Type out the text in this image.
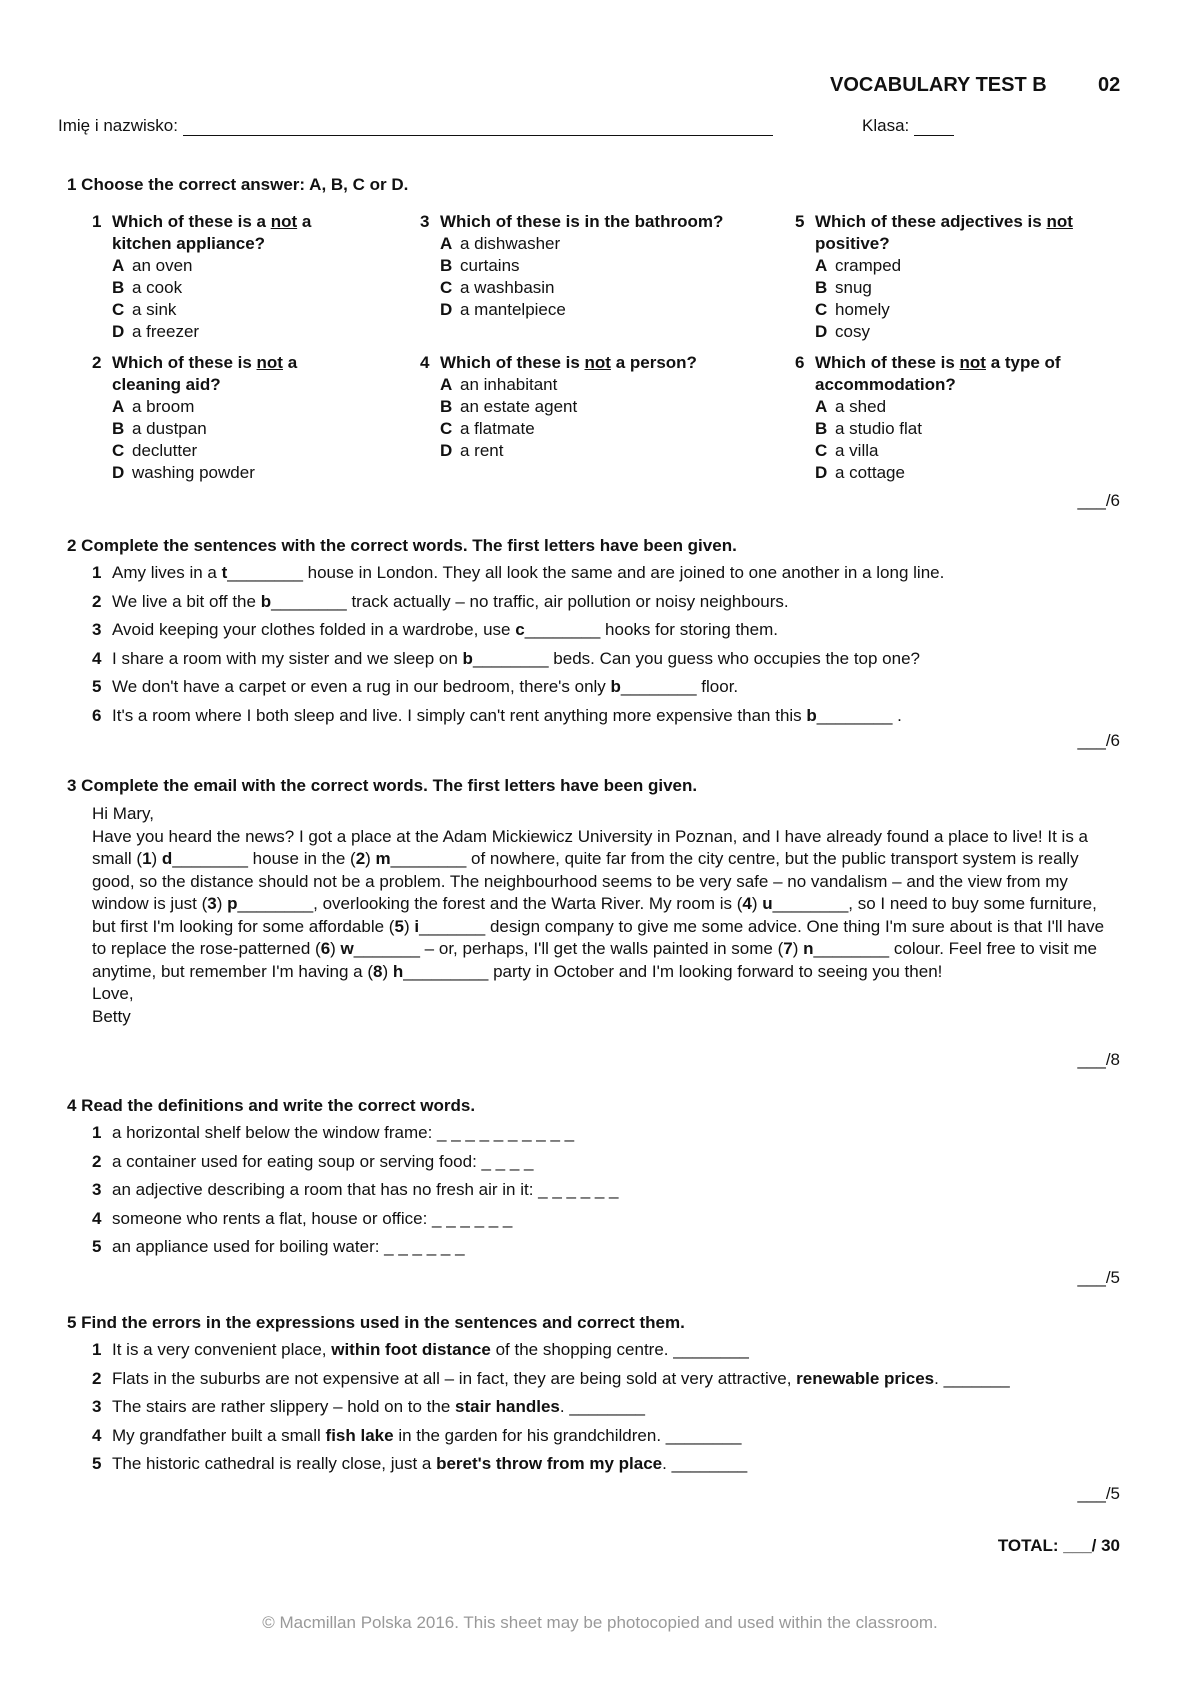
VOCABULARY TEST B	02
Imię i nazwisko:	Klasa:
1 Choose the correct answer: A, B, C or D.
1 Which of these is a not a kitchen appliance?
A an oven
B a cook
C a sink
D a freezer
2 Which of these is not a cleaning aid?
A a broom
B a dustpan
C declutter
D washing powder
3 Which of these is in the bathroom?
A a dishwasher
B curtains
C a washbasin
D a mantelpiece
4 Which of these is not a person?
A an inhabitant
B an estate agent
C a flatmate
D a rent
5 Which of these adjectives is not positive?
A cramped
B snug
C homely
D cosy
6 Which of these is not a type of accommodation?
A a shed
B a studio flat
C a villa
D a cottage
___/6
2 Complete the sentences with the correct words. The first letters have been given.
1 Amy lives in a t________ house in London. They all look the same and are joined to one another in a long line.
2 We live a bit off the b________ track actually – no traffic, air pollution or noisy neighbours.
3 Avoid keeping your clothes folded in a wardrobe, use c________ hooks for storing them.
4 I share a room with my sister and we sleep on b________ beds. Can you guess who occupies the top one?
5 We don't have a carpet or even a rug in our bedroom, there's only b________ floor.
6 It's a room where I both sleep and live. I simply can't rent anything more expensive than this b________ .
___/6
3 Complete the email with the correct words. The first letters have been given.
Hi Mary,
Have you heard the news? I got a place at the Adam Mickiewicz University in Poznan, and I have already found a place to live! It is a small (1) d________ house in the (2) m________ of nowhere, quite far from the city centre, but the public transport system is really good, so the distance should not be a problem. The neighbourhood seems to be very safe – no vandalism – and the view from my window is just (3) p________, overlooking the forest and the Warta River. My room is (4) u________, so I need to buy some furniture, but first I'm looking for some affordable (5) i_______ design company to give me some advice. One thing I'm sure about is that I'll have to replace the rose-patterned (6) w_______ – or, perhaps, I'll get the walls painted in some (7) n________ colour. Feel free to visit me anytime, but remember I'm having a (8) h_________ party in October and I'm looking forward to seeing you then!
Love,
Betty
___/8
4 Read the definitions and write the correct words.
1 a horizontal shelf below the window frame: _ _ _ _ _ _ _ _ _ _
2 a container used for eating soup or serving food: _ _ _ _
3 an adjective describing a room that has no fresh air in it: _ _ _ _ _ _
4 someone who rents a flat, house or office: _ _ _ _ _ _
5 an appliance used for boiling water: _ _ _ _ _ _
___/5
5 Find the errors in the expressions used in the sentences and correct them.
1 It is a very convenient place, within foot distance of the shopping centre. ________
2 Flats in the suburbs are not expensive at all – in fact, they are being sold at very attractive, renewable prices. _______
3 The stairs are rather slippery – hold on to the stair handles. ________
4 My grandfather built a small fish lake in the garden for his grandchildren. ________
5 The historic cathedral is really close, just a beret's throw from my place. ________
___/5
TOTAL: ___/ 30
© Macmillan Polska 2016. This sheet may be photocopied and used within the classroom.
